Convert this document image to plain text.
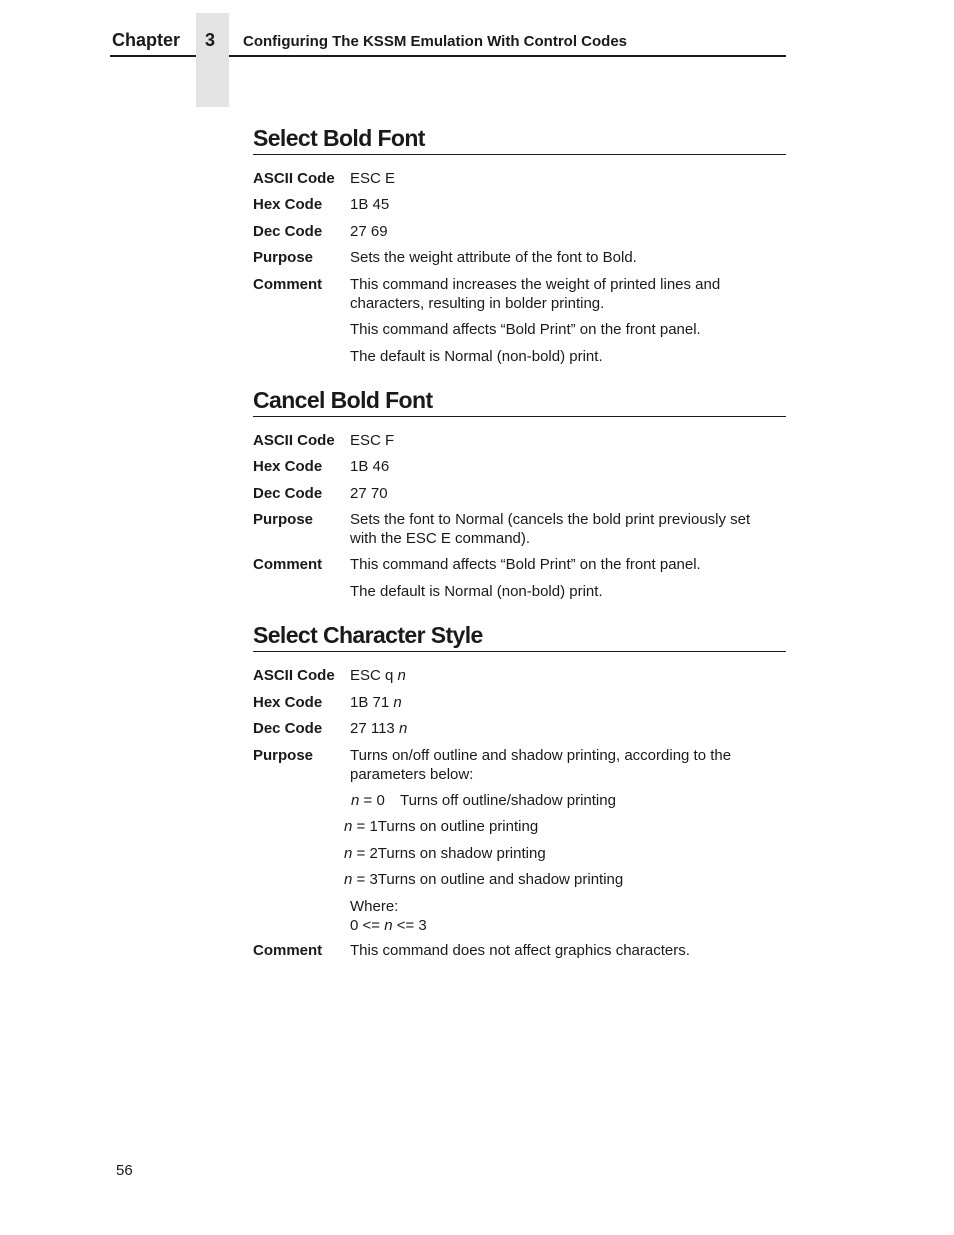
Chapter 3 Configuring The KSSM Emulation With Control Codes
Select Bold Font
ASCII Code ESC E
Hex Code 1B 45
Dec Code 27 69
Purpose Sets the weight attribute of the font to Bold.
Comment This command increases the weight of printed lines and

characters, resulting in bolder printing.

This command affects “Bold Print” on the front panel.

The default is Normal (non-bold) print.

Cancel Bold Font
ASCII Code ESC F
Hex Code 1B 46
Dec Code 27 70
Purpose Sets the font to Normal (cancels the bold print previously set

with the ESC E command).

Comment This command affects “Bold Print” on the front panel.

The default is Normal (non-bold) print.

Select Character Style
ASCII Code ESC q n
Hex Code 1B 71 n
Dec Code 27 113 n
Purpose Turns on/off outline and shadow printing, according to the

parameters below:

n = 0 Turns off outline/shadow printing
n = 1Turns on outline printing
n = 2Turns on shadow printing
n = 3Turns on outline and shadow printing
Where:
0 <= n <= 3
Comment This command does not affect graphics characters.
56
